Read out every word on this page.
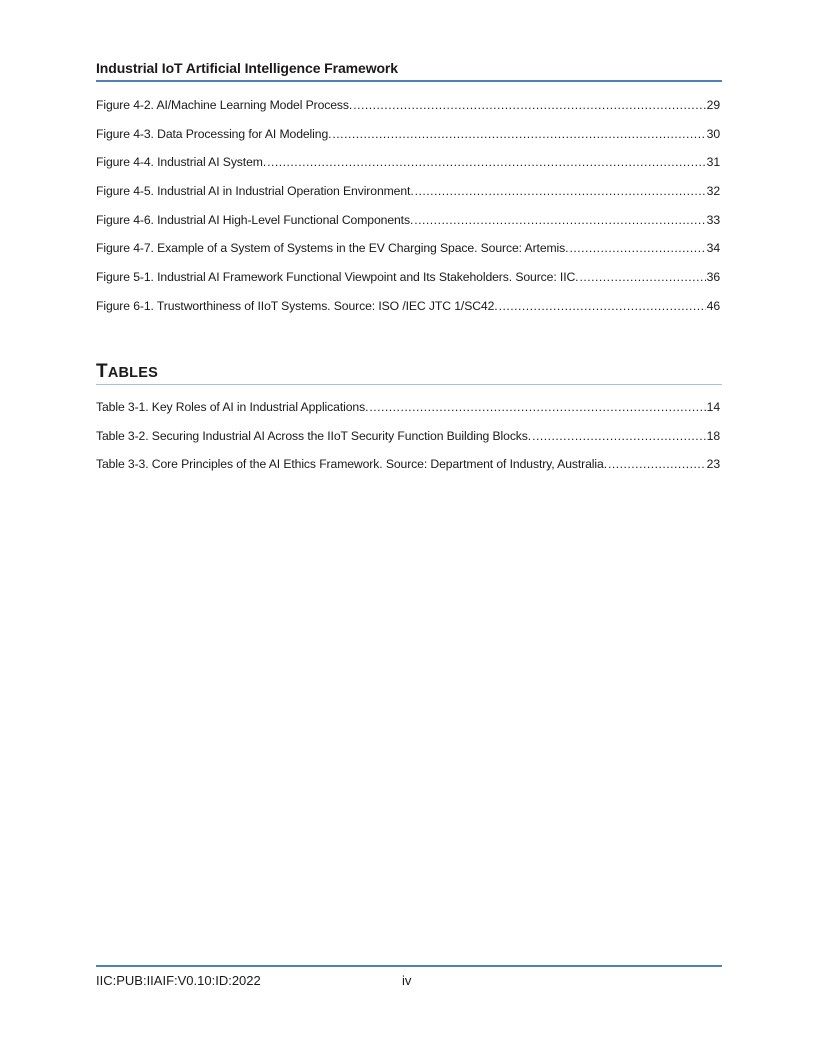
Industrial IoT Artificial Intelligence Framework
Figure 4-2. AI/Machine Learning Model Process. .....	29
Figure 4-3. Data Processing for AI Modeling. .....	30
Figure 4-4. Industrial AI System. .....	31
Figure 4-5. Industrial AI in Industrial Operation Environment. .....	32
Figure 4-6. Industrial AI High-Level Functional Components. .....	33
Figure 4-7. Example of a System of Systems in the EV Charging Space. Source: Artemis. .....	34
Figure 5-1. Industrial AI Framework Functional Viewpoint and Its Stakeholders. Source: IIC. .....	36
Figure 6-1. Trustworthiness of IIoT Systems. Source: ISO /IEC JTC 1/SC42. .....	46
TABLES
Table 3-1. Key Roles of AI in Industrial Applications. .....	14
Table 3-2. Securing Industrial AI Across the IIoT Security Function Building Blocks. .....	18
Table 3-3. Core Principles of the AI Ethics Framework. Source: Department of Industry, Australia. .....	23
IIC:PUB:IIAIF:V0.10:ID:2022	iv
